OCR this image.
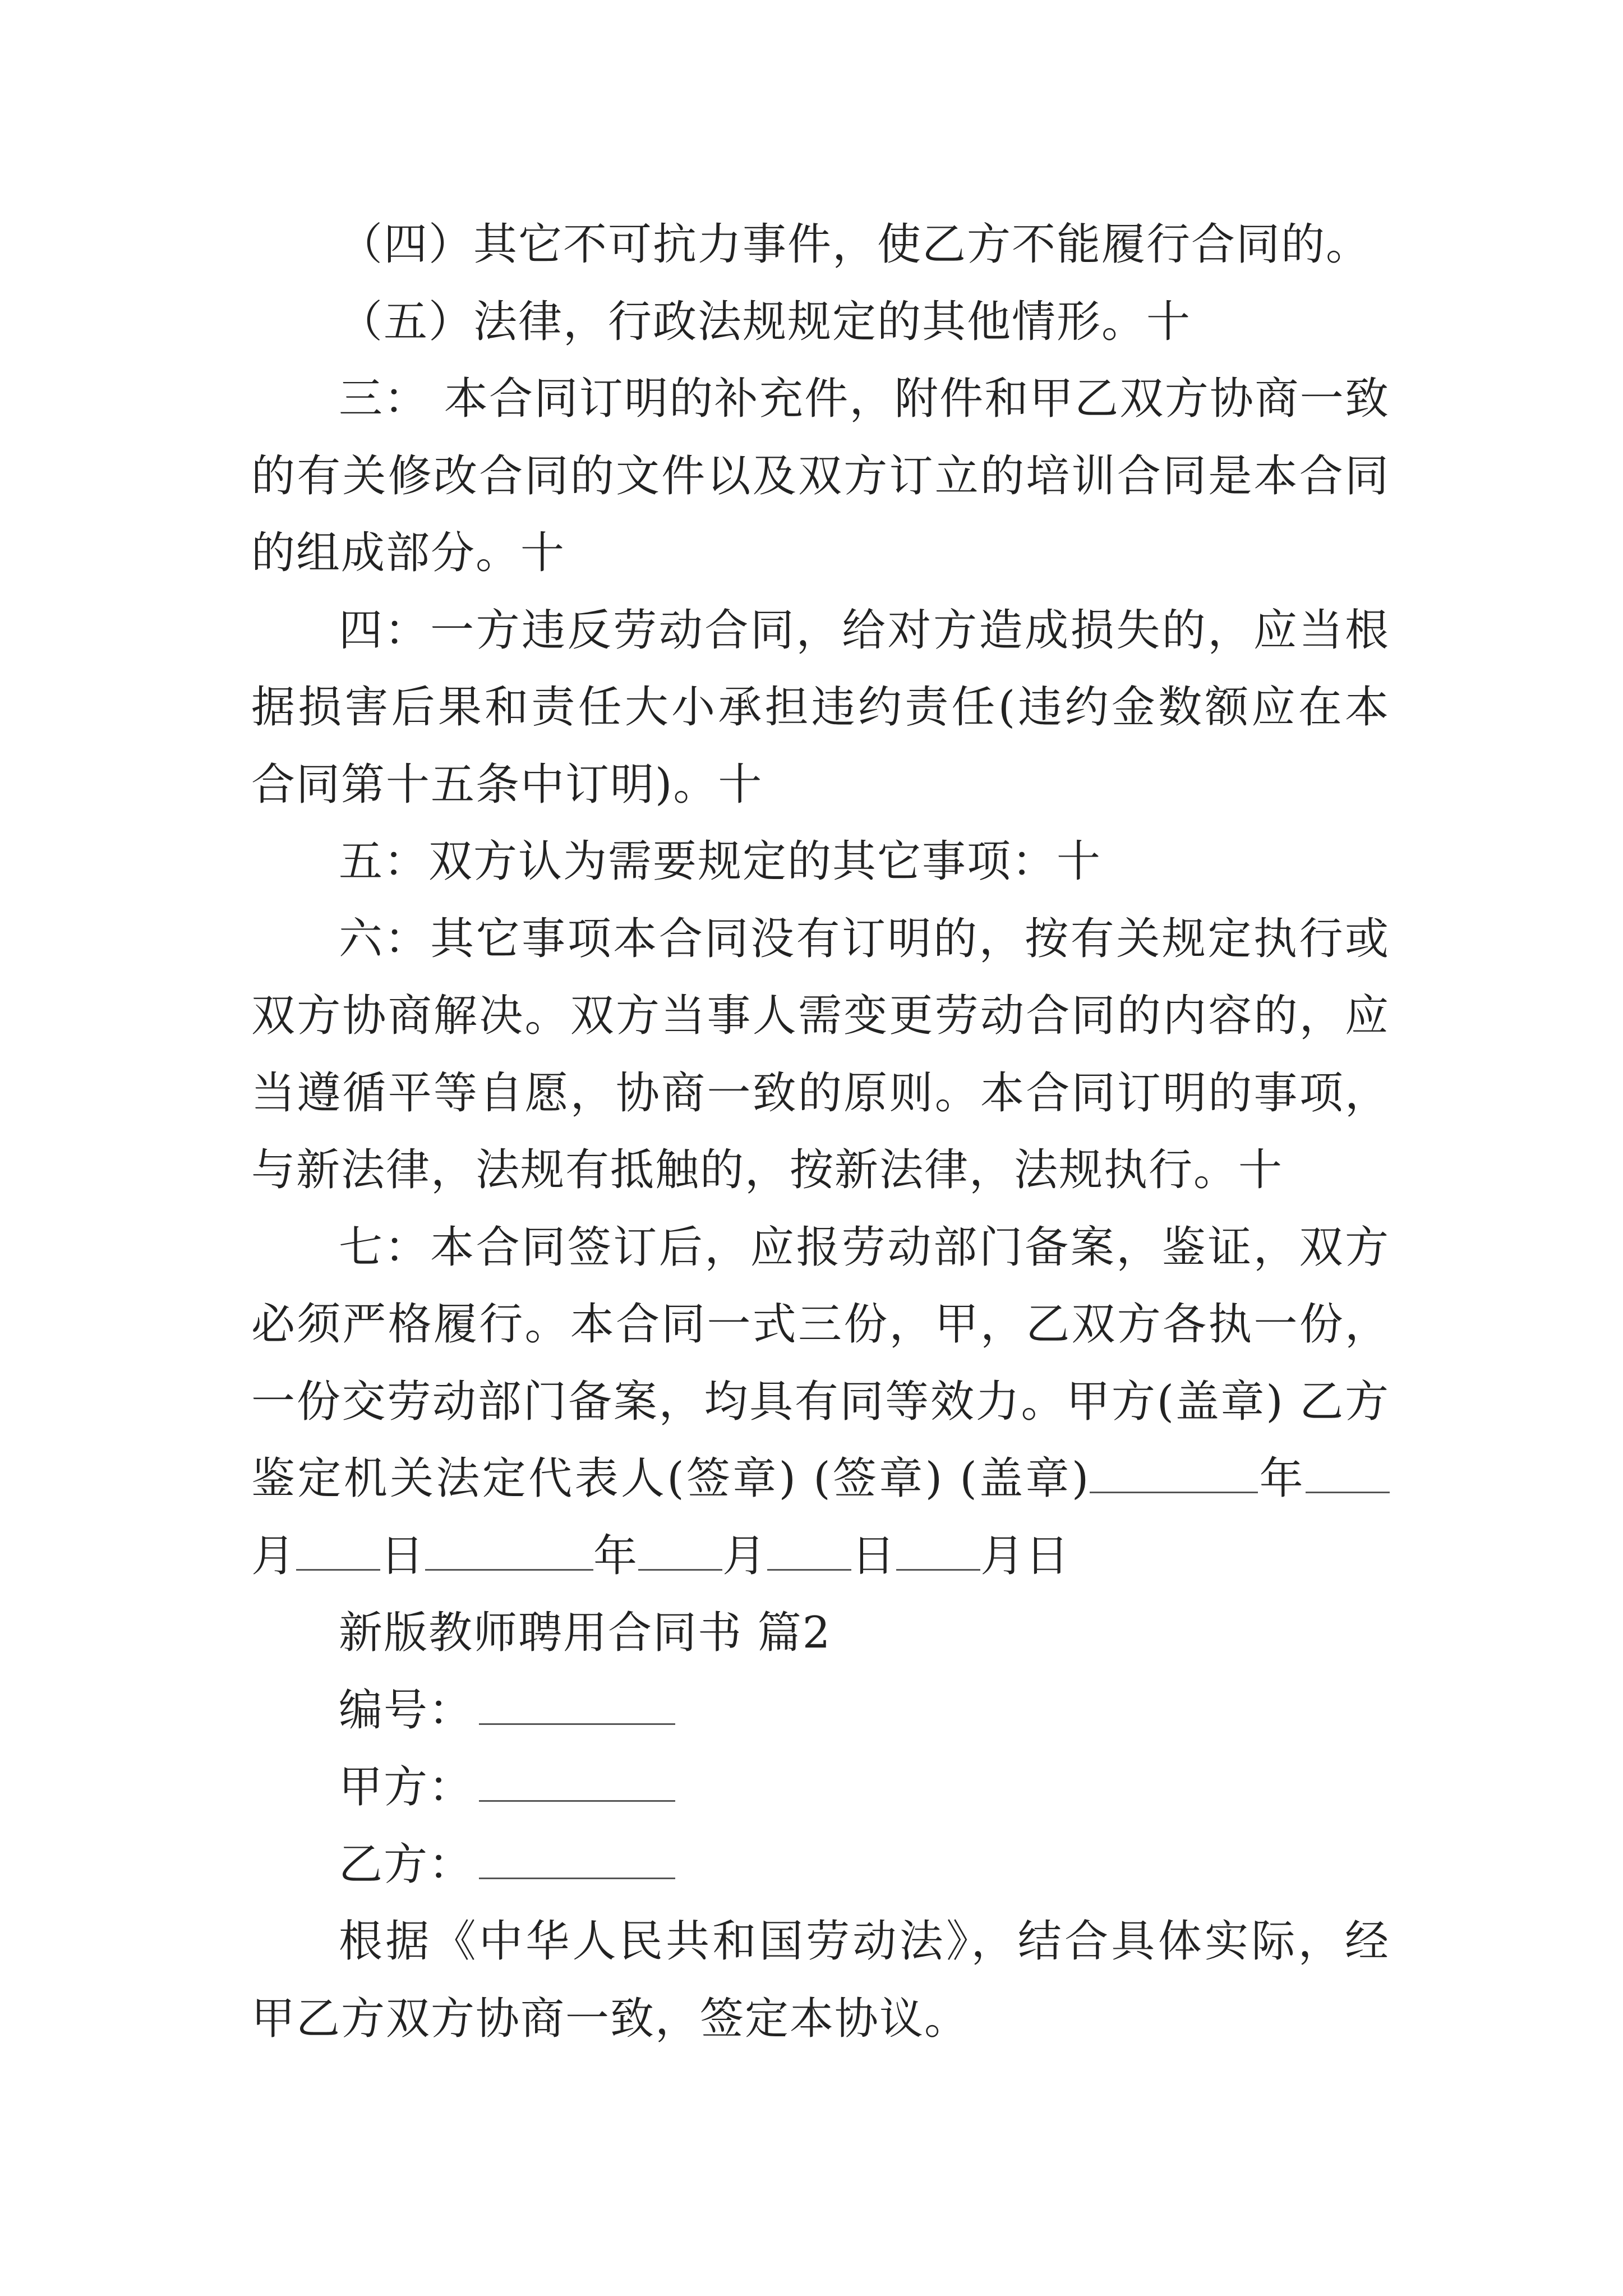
（四）其它不可抗力事件，使乙方不能履行合同的。

（五）法律，行政法规规定的其他情形。十

三： 本合同订明的补充件，附件和甲乙双方协商一致的有关修改合同的文件以及双方订立的培训合同是本合同的组成部分。十

四：一方违反劳动合同，给对方造成损失的，应当根据损害后果和责任大小承担违约责任(违约金数额应在本合同第十五条中订明)。十

五：双方认为需要规定的其它事项：十

六：其它事项本合同没有订明的，按有关规定执行或双方协商解决。双方当事人需变更劳动合同的内容的，应当遵循平等自愿，协商一致的原则。本合同订明的事项，与新法律，法规有抵触的，按新法律，法规执行。十

七：本合同签订后，应报劳动部门备案，鉴证，双方必须严格履行。本合同一式三份，甲，乙双方各执一份，一份交劳动部门备案，均具有同等效力。甲方(盖章) 乙方 鉴定机关法定代表人(签章) (签章) (盖章)	年月 日	年 月 日 月日

新版教师聘用合同书 篇2

编号：

甲方：

乙方：

根据《中华人民共和国劳动法》，结合具体实际，经甲乙方双方协商一致，签定本协议。
